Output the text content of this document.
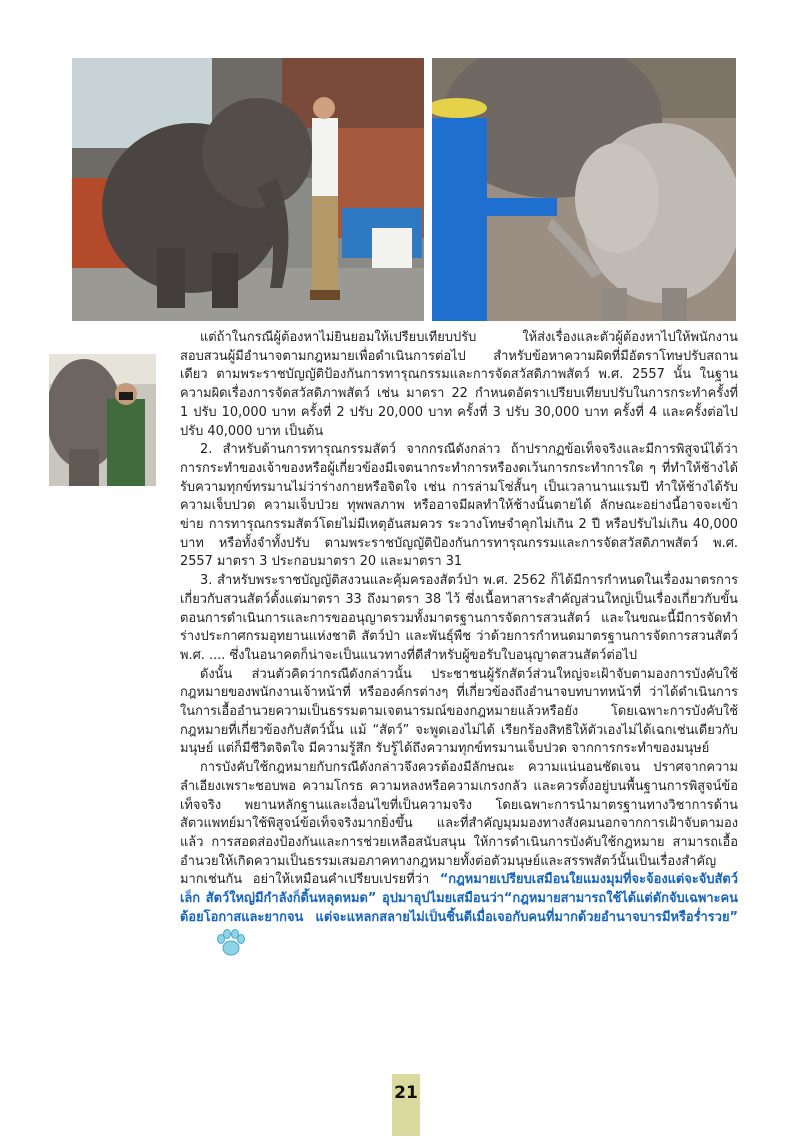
แต่ถ้าในกรณีผู้ต้องหาไม่ยินยอมให้เปรียบเทียบปรับ ให้ส่งเรื่องและตัวผู้ต้องหาไปให้พนักงานสอบสวนผู้มีอำนาจตามกฎหมายเพื่อดำเนินการต่อไป สำหรับข้อหาความผิดที่มีอัตราโทษปรับสถานเดียว ตามพระราชบัญญัติป้องกันการทารุณกรรมและการจัดสวัสดิภาพสัตว์ พ.ศ. 2557 นั้น ในฐานความผิดเรื่องการจัดสวัสดิภาพสัตว์ เช่น มาตรา 22 กำหนดอัตราเปรียบเทียบปรับในการกระทำครั้งที่ 1 ปรับ 10,000 บาท ครั้งที่ 2 ปรับ 20,000 บาท ครั้งที่ 3 ปรับ 30,000 บาท ครั้งที่ 4 และครั้งต่อไปปรับ 40,000 บาท เป็นต้น

2. สำหรับด้านการทารุณกรรมสัตว์ จากกรณีดังกล่าว ถ้าปรากฏข้อเท็จจริงและมีการพิสูจน์ได้ว่า การกระทำของเจ้าของหรือผู้เกี่ยวข้องมีเจตนากระทำการหรืองดเว้นการกระทำการใด ๆ ที่ทำให้ช้างได้รับความทุกข์ทรมานไม่ว่าร่างกายหรือจิตใจ เช่น การล่ามโซ่สั้นๆ เป็นเวลานานแรมปี ทำให้ช้างได้รับความเจ็บปวด ความเจ็บป่วย ทุพพลภาพ หรืออาจมีผลทำให้ช้างนั้นตายได้ ลักษณะอย่างนี้อาจจะเข้าข่าย การทารุณกรรมสัตว์โดยไม่มีเหตุอันสมควร ระวางโทษจำคุกไม่เกิน 2 ปี หรือปรับไม่เกิน 40,000 บาท หรือทั้งจำทั้งปรับ ตามพระราชบัญญัติป้องกันการทารุณกรรมและการจัดสวัสดิภาพสัตว์ พ.ศ. 2557 มาตรา 3 ประกอบมาตรา 20 และมาตรา 31

3. สำหรับพระราชบัญญัติสงวนและคุ้มครองสัตว์ป่า พ.ศ. 2562 ก็ได้มีการกำหนดในเรื่องมาตรการเกี่ยวกับสวนสัตว์ตั้งแต่มาตรา 33 ถึงมาตรา 38 ไว้ ซึ่งเนื้อหาสาระสำคัญส่วนใหญ่เป็นเรื่องเกี่ยวกับขั้นตอนการดำเนินการและการขออนุญาตรวมทั้งมาตรฐานการจัดการสวนสัตว์ และในขณะนี้มีการจัดทำร่างประกาศกรมอุทยานแห่งชาติ สัตว์ป่า และพันธุ์พืช ว่าด้วยการกำหนดมาตรฐานการจัดการสวนสัตว์ พ.ศ. .... ซึ่งในอนาคตก็น่าจะเป็นแนวทางที่ดีสำหรับผู้ขอรับใบอนุญาตสวนสัตว์ต่อไป

ดังนั้น ส่วนตัวคิดว่ากรณีดังกล่าวนั้น ประชาชนผู้รักสัตว์ส่วนใหญ่จะเฝ้าจับตามองการบังคับใช้กฎหมายของพนักงานเจ้าหน้าที่ หรือองค์กรต่างๆ ที่เกี่ยวข้องถึงอำนาจบทบาทหน้าที่ ว่าได้ดำเนินการในการเอื้ออำนวยความเป็นธรรมตามเจตนารมณ์ของกฎหมายแล้วหรือยัง โดยเฉพาะการบังคับใช้กฎหมายที่เกี่ยวข้องกับสัตว์นั้น แม้ “สัตว์” จะพูดเองไม่ได้ เรียกร้องสิทธิให้ตัวเองไม่ได้เฉกเช่นเดียวกับมนุษย์ แต่ก็มีชีวิตจิตใจ มีความรู้สึก รับรู้ได้ถึงความทุกข์ทรมานเจ็บปวด จากการกระทำของมนุษย์

การบังคับใช้กฎหมายกับกรณีดังกล่าวจึงควรต้องมีลักษณะ ความแน่นอนชัดเจน ปราศจากความลำเอียงเพราะชอบพอ ความโกรธ ความหลงหรือความเกรงกลัว และควรตั้งอยู่บนพื้นฐานการพิสูจน์ข้อเท็จจริง พยานหลักฐานและเงื่อนไขที่เป็นความจริง โดยเฉพาะการนำมาตรฐานทางวิชาการด้านสัตวแพทย์มาใช้พิสูจน์ข้อเท็จจริงมากยิ่งขึ้น และที่สำคัญมุมมองทางสังคมนอกจากการเฝ้าจับตามองแล้ว การสอดส่องป้องกันและการช่วยเหลือสนับสนุน ให้การดำเนินการบังคับใช้กฎหมาย สามารถเอื้ออำนวยให้เกิดความเป็นธรรมเสมอภาคทางกฎหมายทั้งต่อตัวมนุษย์และสรรพสัตว์นั้นเป็นเรื่องสำคัญมากเช่นกัน อย่าให้เหมือนคำเปรียบเปรยที่ว่า “กฎหมายเปรียบเสมือนใยแมงมุมที่จะจ้องแต่จะจับสัตว์เล็ก สัตว์ใหญ่มีกำลังก็ดิ้นหลุดหมด” อุปมาอุปไมยเสมือนว่า“กฎหมายสามารถใช้ได้แต่ดักจับเฉพาะคนด้อยโอกาสและยากจน แต่จะแหลกสลายไม่เป็นชิ้นดีเมื่อเจอกับคนที่มากด้วยอำนาจบารมีหรือร่ำรวย”

21
